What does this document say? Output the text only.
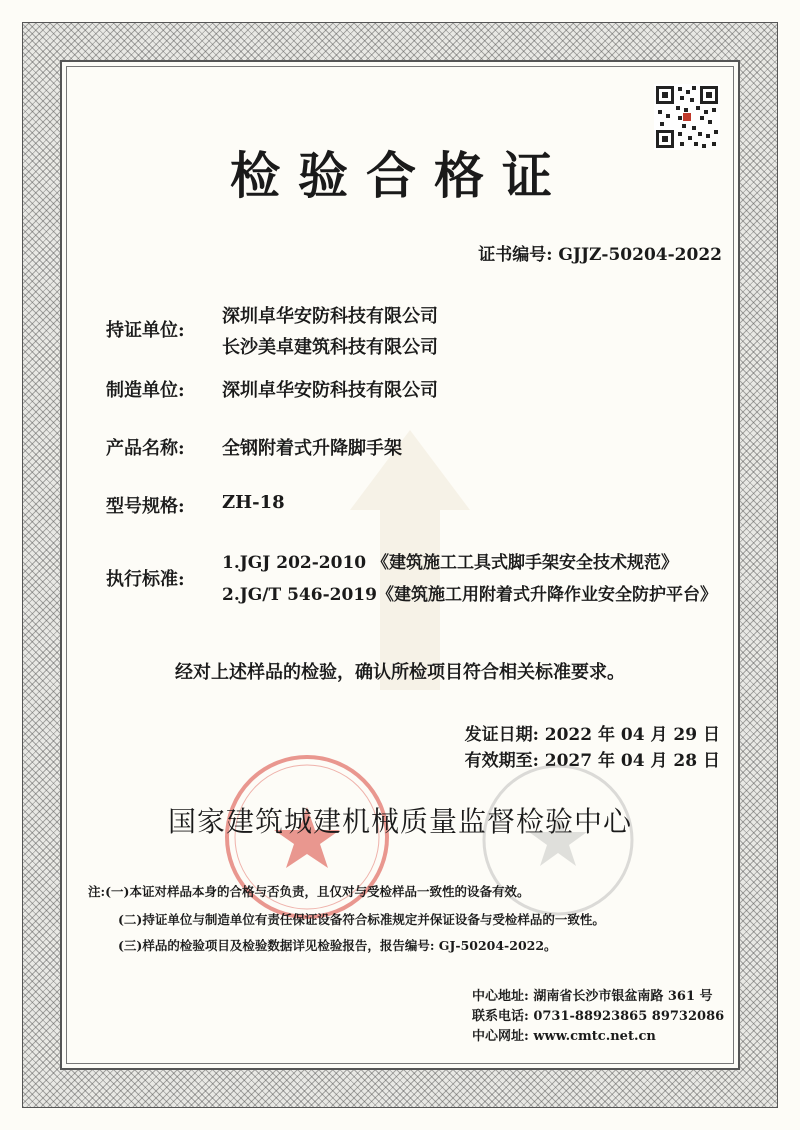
检验合格证
证书编号: GJJZ-50204-2022
持证单位:
深圳卓华安防科技有限公司
长沙美卓建筑科技有限公司
制造单位: 深圳卓华安防科技有限公司
产品名称: 全钢附着式升降脚手架
型号规格: ZH-18
执行标准:
1.JGJ 202-2010 《建筑施工工具式脚手架安全技术规范》
2.JG/T 546-2019《建筑施工用附着式升降作业安全防护平台》
经对上述样品的检验，确认所检项目符合相关标准要求。
发证日期: 2022 年 04 月 29 日
有效期至: 2027 年 04 月 28 日
国家建筑城建机械质量监督检验中心
注:(一)本证对样品本身的合格与否负责，且仅对与受检样品一致性的设备有效。
(二)持证单位与制造单位有责任保证设备符合标准规定并保证设备与受检样品的一致性。
(三)样品的检验项目及检验数据详见检验报告，报告编号: GJ-50204-2022。
中心地址: 湖南省长沙市银盆南路 361 号
联系电话: 0731-88923865 89732086
中心网址: www.cmtc.net.cn
